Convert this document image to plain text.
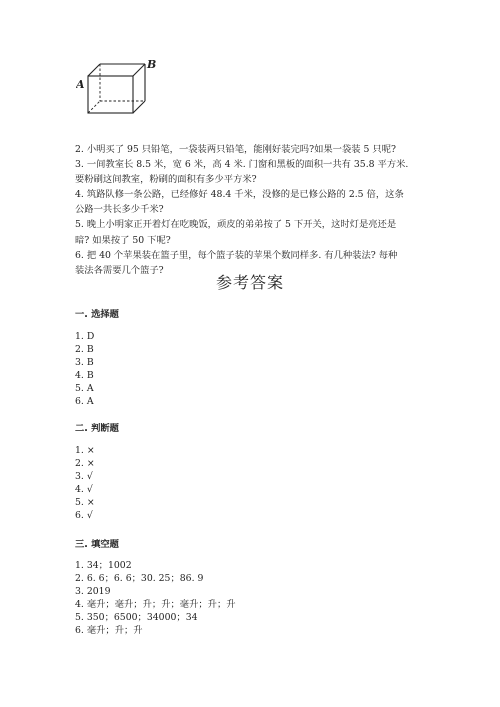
A
B

2. 小明买了 95 只铅笔，一袋装两只铅笔，能刚好装完吗?如果一袋装 5 只呢?

3. 一间教室长 8.5 米，宽 6 米，高 4 米. 门窗和黑板的面积一共有 35.8 平方米.

要粉刷这间教室，粉刷的面积有多少平方米?

4. 筑路队修一条公路，已经修好 48.4 千米，没修的是已修公路的 2.5 倍，这条

公路一共长多少千米?

5. 晚上小明家正开着灯在吃晚饭，顽皮的弟弟按了 5 下开关，这时灯是亮还是

暗? 如果按了 50 下呢?

6. 把 40 个苹果装在篮子里，每个篮子装的苹果个数同样多. 有几种装法? 每种

装法各需要几个篮子?

参考答案
一. 选择题
1. D
2. B
3. B
4. B
5. A
6. A
二. 判断题
1. ×
2. ×
3. √
4. √
5. ×
6. √
三. 填空题
1. 34；1002
2. 6. 6；6. 6；30. 25；86. 9
3. 2019
4. 毫升；毫升；升；升；毫升；升；升
5. 350；6500；34000；34
6. 毫升；升；升
